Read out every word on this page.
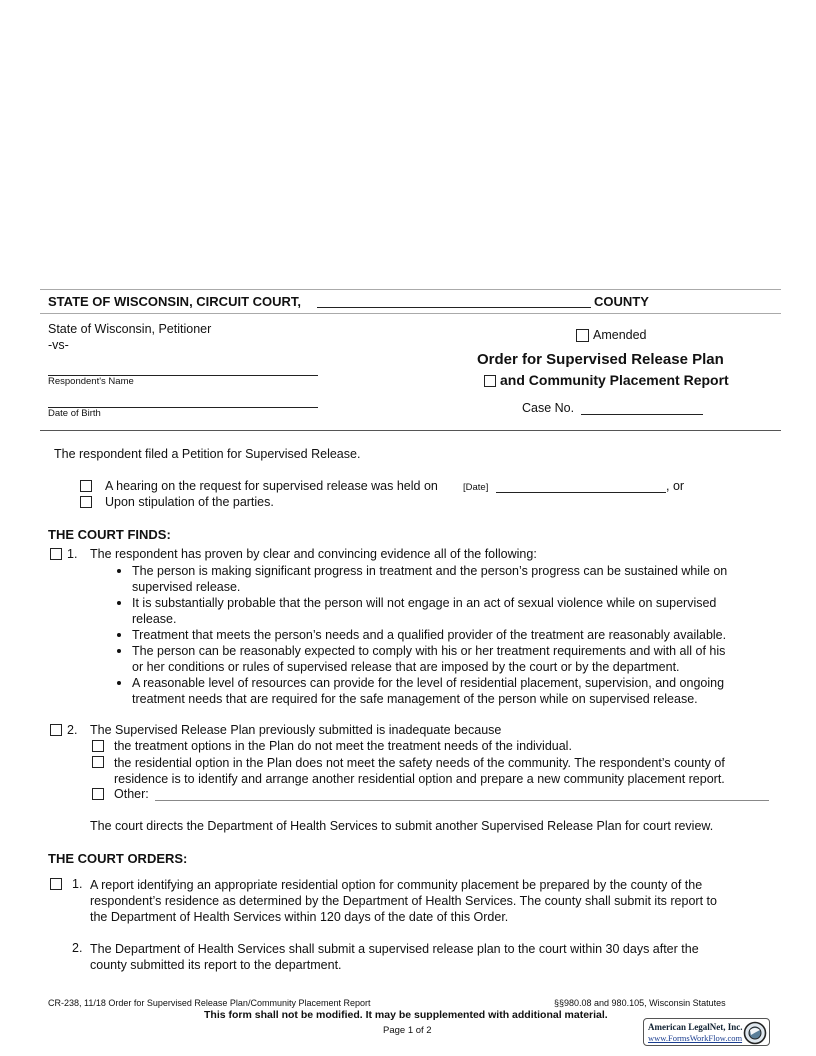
STATE OF WISCONSIN, CIRCUIT COURT,	COUNTY
State of Wisconsin, Petitioner
-vs-
Respondent's Name
Date of Birth
Amended
Order for Supervised Release Plan
and Community Placement Report
Case No.
The respondent filed a Petition for Supervised Release.
A hearing on the request for supervised release was held on	[Date]	, or
Upon stipulation of the parties.
THE COURT FINDS:
1. The respondent has proven by clear and convincing evidence all of the following:
The person is making significant progress in treatment and the person’s progress can be sustained while on
supervised release.
It is substantially probable that the person will not engage in an act of sexual violence while on supervised
release.
Treatment that meets the person’s needs and a qualified provider of the treatment are reasonably available.
The person can be reasonably expected to comply with his or her treatment requirements and with all of his
or her conditions or rules of supervised release that are imposed by the court or by the department.
A reasonable level of resources can provide for the level of residential placement, supervision, and ongoing
treatment needs that are required for the safe management of the person while on supervised release.
2. The Supervised Release Plan previously submitted is inadequate because
the treatment options in the Plan do not meet the treatment needs of the individual.
the residential option in the Plan does not meet the safety needs of the community. The respondent’s county of
residence is to identify and arrange another residential option and prepare a new community placement report.
Other:
The court directs the Department of Health Services to submit another Supervised Release Plan for court review.
THE COURT ORDERS:
1. A report identifying an appropriate residential option for community placement be prepared by the county of the
respondent’s residence as determined by the Department of Health Services. The county shall submit its report to
the Department of Health Services within 120 days of the date of this Order.
2. The Department of Health Services shall submit a supervised release plan to the court within 30 days after the
county submitted its report to the department.
CR-238, 11/18 Order for Supervised Release Plan/Community Placement Report	§§980.08 and 980.105, Wisconsin Statutes
This form shall not be modified. It may be supplemented with additional material.
Page 1 of 2	American LegalNet, Inc.
www.FormsWorkFlow.com
